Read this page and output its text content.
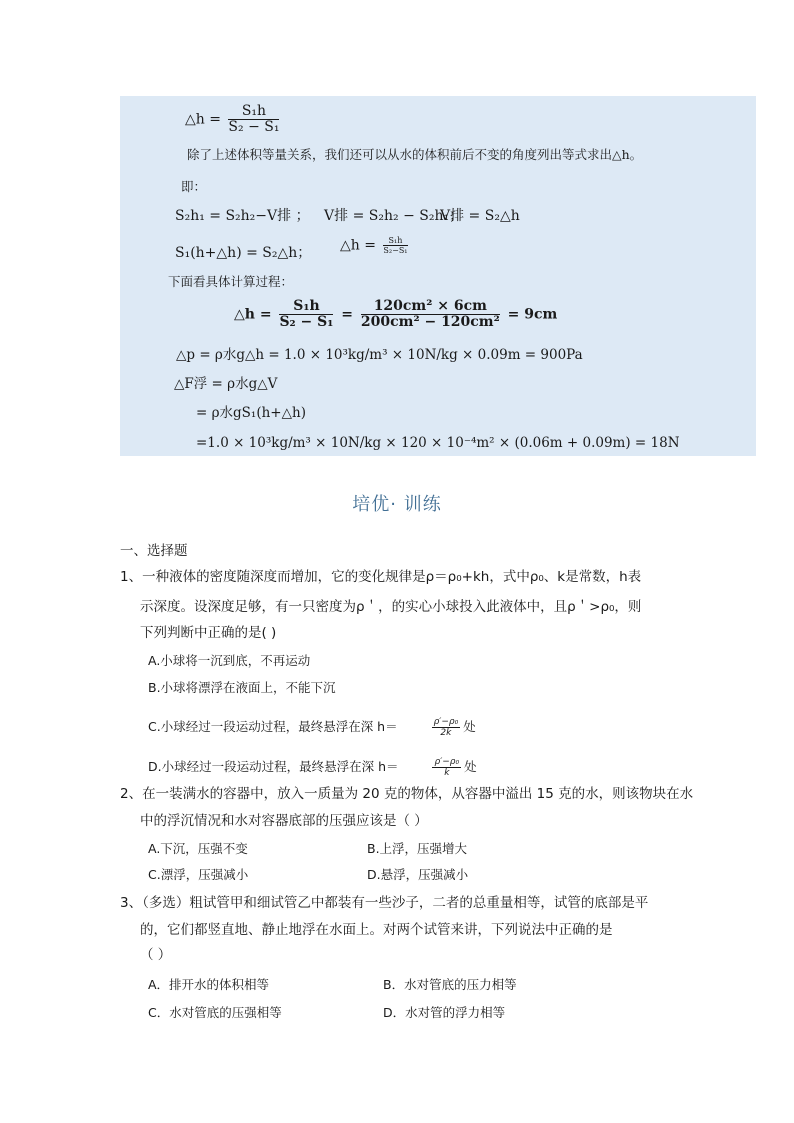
△h = $\frac{\text{S₁h}}{\text{S₂ − S₁}}$
除了上述体积等量关系，我们还可以从水的体积前后不变的角度列出等式求出△h。
即：
S₂h₁ = S₂h₂−V排 ； V排 = S₂h₂ − S₂h₁；
V排 = S₂△h
S₁(h+△h) = S₂△h； △h = $\frac{\text{S₁h}}{\text{S₂−S₁}}$
下面看具体计算过程：
△h = $\frac{\text{S₁h}}{\text{S₂ − S₁}} = \frac{\text{120cm² × 6cm}}{\text{200cm² − 120cm²}} = 9cm$
△p = ρ水g△h = 1.0 × 10³kg/m³ × 10N/kg × 0.09m = 900Pa
△F浮 = ρ水g△V
= ρ水gS₁(h+△h)
=1.0 × 10³kg/m³ × 10N/kg × 120 × 10⁻⁴m² × (0.06m + 0.09m) = 18N
培优· 训练
一、选择题
1、一种液体的密度随深度而增加，它的变化规律是ρ＝ρ₀+kh，式中ρ₀、k是常数，h表
示深度。设深度足够，有一只密度为ρ＇，的实心小球投入此液体中，且ρ＇>ρ₀，则
下列判断中正确的是( )
A.小球将一沉到底，不再运动
B.小球将漂浮在液面上，不能下沉
C.小球经过一段运动过程，最终悬浮在深 h＝	$\frac{\text{ρ′−ρ₀}}{2k}$ 处
D.小球经过一段运动过程，最终悬浮在深 h＝	$\frac{\text{ρ′−ρ₀}}{k}$ 处
2、在一装满水的容器中，放入一质量为 20 克的物体，从容器中溢出 15 克的水，则该物块在水
中的浮沉情况和水对容器底部的压强应该是（ ）
A.下沉，压强不变	B.上浮，压强增大
C.漂浮，压强减小	D.悬浮，压强减小
3、（多选）粗试管甲和细试管乙中都装有一些沙子，二者的总重量相等，试管的底部是平
的，它们都竖直地、静止地浮在水面上。对两个试管来讲，下列说法中正确的是
（ ）
A．排开水的体积相等	B．水对管底的压力相等
C．水对管底的压强相等	D．水对管的浮力相等
